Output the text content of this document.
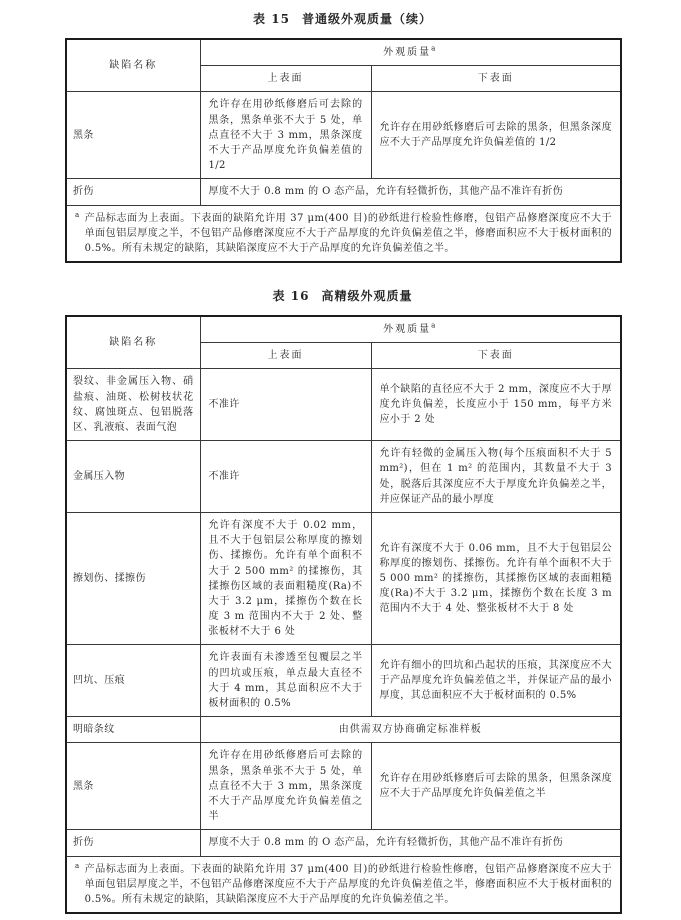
表 15 普通级外观质量（续）
缺陷名称	外观质量$^a$
	上表面	下表面
黑条	允许存在用砂纸修磨后可去除的黑条，黑条单张不大于 5 处，单点直径不大于 3 mm，黑条深度不大于产品厚度允许负偏差值的 1/2	允许存在用砂纸修磨后可去除的黑条，但黑条深度应不大于产品厚度允许负偏差值的 1/2
折伤	厚度不大于 0.8 mm 的 O 态产品，允许有轻微折伤，其他产品不准许有折伤	

a 产品标志面为上表面。下表面的缺陷允许用 37 μm(400 目)的砂纸进行检验性修磨，包铝产品修磨深度应不大于单面包铝层厚度之半，不包铝产品修磨深度应不大于产品厚度的允许负偏差值之半，修磨面积应不大于板材面积的 0.5%。所有未规定的缺陷，其缺陷深度应不大于产品厚度的允许负偏差值之半。		
表 16 高精级外观质量
缺陷名称	外观质量$^a$
	上表面	下表面
裂纹、非金属压入物、硝盐痕、油斑、松树枝状花纹、腐蚀斑点、包铝脱落区、乳液痕、表面气泡	不准许	单个缺陷的直径应不大于 2 mm，深度应不大于厚度允许负偏差，长度应小于 150 mm，每平方米应小于 2 处
金属压入物	不准许	允许有轻微的金属压入物(每个压痕面积不大于 5 mm²)，但在 1 m² 的范围内，其数量不大于 3 处，脱落后其深度应不大于厚度允许负偏差之半，并应保证产品的最小厚度
擦划伤、揉擦伤	允许有深度不大于 0.02 mm，且不大于包铝层公称厚度的擦划伤、揉擦伤。允许有单个面积不大于 2 500 mm² 的揉擦伤，其揉擦伤区域的表面粗糙度(Ra)不大于 3.2 μm，揉擦伤个数在长度 3 m 范围内不大于 2 处、整张板材不大于 6 处	允许有深度不大于 0.06 mm，且不大于包铝层公称厚度的擦划伤、揉擦伤。允许有单个面积不大于 5 000 mm² 的揉擦伤，其揉擦伤区域的表面粗糙度(Ra)不大于 3.2 μm，揉擦伤个数在长度 3 m 范围内不大于 4 处、整张板材不大于 8 处
凹坑、压痕	允许表面有未渗透至包覆层之半的凹坑或压痕，单点最大直径不大于 4 mm，其总面积应不大于板材面积的 0.5%	允许有细小的凹坑和凸起状的压痕，其深度应不大于产品厚度允许负偏差值之半，并保证产品的最小厚度，其总面积应不大于板材面积的 0.5%
明暗条纹	由供需双方协商确定标准样板	
黑条	允许存在用砂纸修磨后可去除的黑条，黑条单张不大于 5 处，单点直径不大于 3 mm，黑条深度不大于产品厚度允许负偏差值之半	允许存在用砂纸修磨后可去除的黑条，但黑条深度应不大于产品厚度允许负偏差值之半
折伤	厚度不大于 0.8 mm 的 O 态产品，允许有轻微折伤，其他产品不准许有折伤	

a 产品标志面为上表面。下表面的缺陷允许用 37 μm(400 目)的砂纸进行检验性修磨，包铝产品修磨深度不应大于单面包铝层厚度之半，不包铝产品修磨深度应不大于产品厚度的允许负偏差值之半，修磨面积应不大于板材面积的 0.5%。所有未规定的缺陷，其缺陷深度应不大于产品厚度的允许负偏差值之半。		
